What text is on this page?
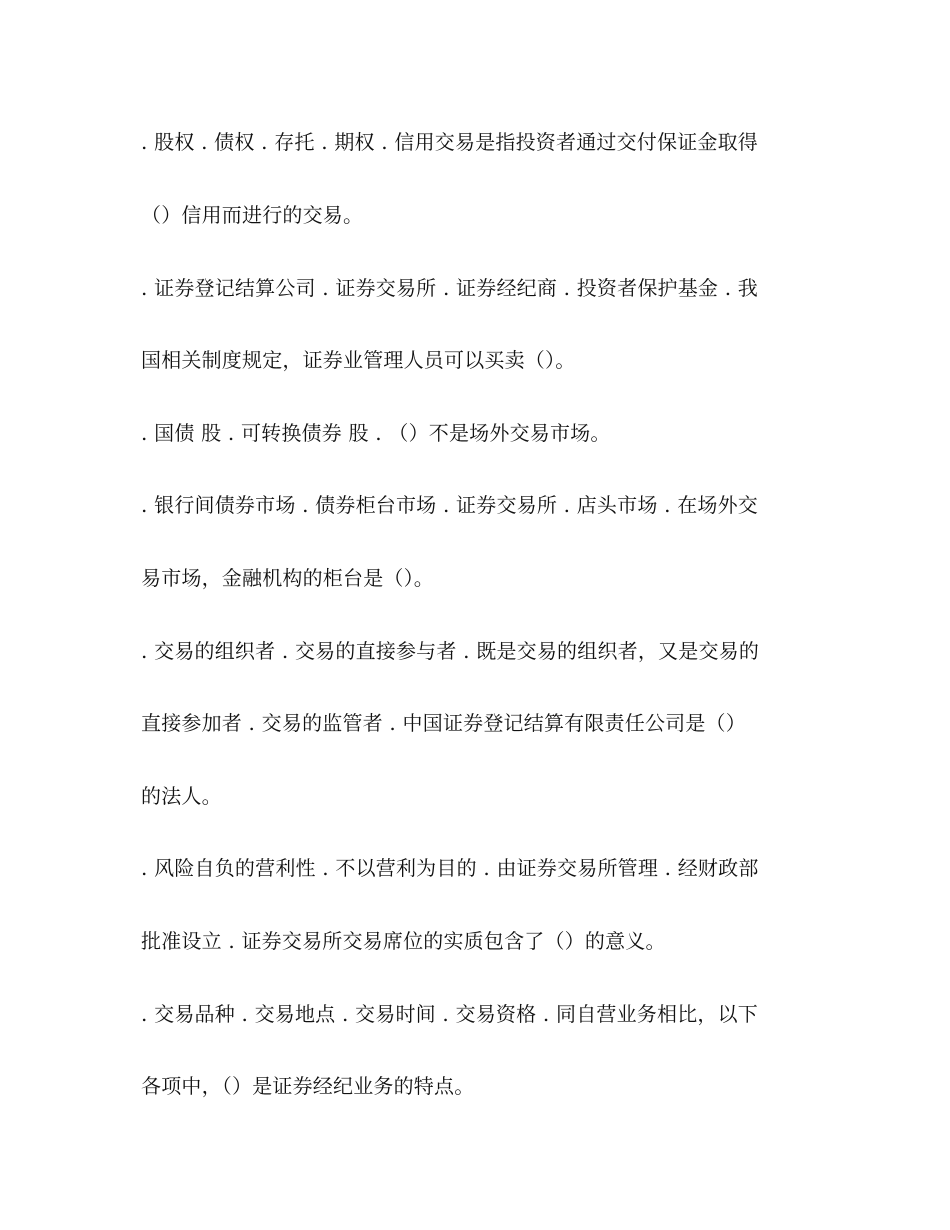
. 股权 . 债权 . 存托 . 期权 . 信用交易是指投资者通过交付保证金取得
（）信用而进行的交易。
. 证券登记结算公司 . 证券交易所 . 证券经纪商 . 投资者保护基金 . 我
国相关制度规定，证券业管理人员可以买卖（）。
. 国债 股 . 可转换债券 股 . （）不是场外交易市场。
. 银行间债券市场 . 债券柜台市场 . 证券交易所 . 店头市场 . 在场外交
易市场，金融机构的柜台是（）。
. 交易的组织者 . 交易的直接参与者 . 既是交易的组织者，又是交易的
直接参加者 . 交易的监管者 . 中国证券登记结算有限责任公司是（）
的法人。
. 风险自负的营利性 . 不以营利为目的 . 由证券交易所管理 . 经财政部
批准设立 . 证券交易所交易席位的实质包含了（）的意义。
. 交易品种 . 交易地点 . 交易时间 . 交易资格 . 同自营业务相比，以下
各项中，（）是证券经纪业务的特点。
